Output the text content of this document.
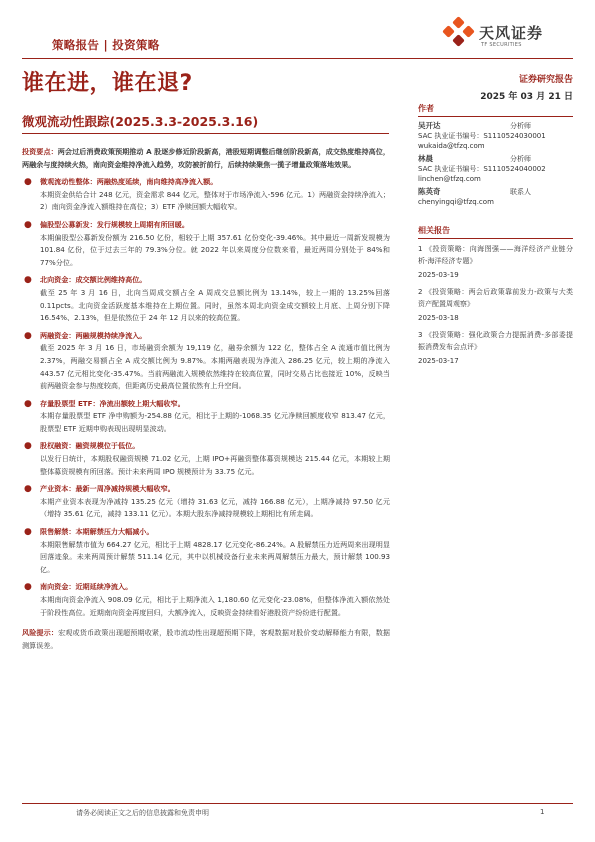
策略报告 | 投资策略
天风证券
TF SECURITIES
谁在进，谁在退?
微观流动性跟踪(2025.3.3-2025.3.16)
证券研究报告
2025 年 03 月 21 日

投资要点：两会过后消费政策预期推动 A 股逐步修近阶段新高，港股短期调整后继创阶段新高，成交热度维持高位，两融余与度持续火热，南向资金维持净流入趋势，攻防被折前行，后续持续聚焦一揽子增量政策落地效果。

● 微观流动性整体：两融热度延续，南向维持高净流入额。
本期资金供给合计 248 亿元，资金需求 844 亿元，整体对于市场净流入-596 亿元。1）两融资金持续净流入；2）南向资金净流入额维持在高位；3）ETF 净赎回额大幅收窄。
● 偏股型公募新发：发行规模较上周期有所回暖。
本期偏股型公募新发份额为 216.50 亿份，相较于上期 357.61 亿份变化-39.46%。其中最近一周新发规模为 101.84 亿份，位于过去三年的 79.3%分位。就 2022 年以来周度分位数来看，最近两周分别处于 84%和 77%分位。
● 北向资金：成交额比例维持高位。
截至 25 年 3 月 16 日，北向当周成交额占全 A 周成交总额比例为 13.14%，较上一期的 13.25%回落 0.11pcts。北向资金活跃度基本维持在上期位置。同时，虽然本周北向资金成交额较上月底、上周分别下降 16.54%、2.13%，但是依然位于 24 年 12 月以来的较高位置。
● 两融资金：两融规模持续净流入。
截至 2025 年 3 月 16 日，市场融资余额为 19,119 亿，融券余额为 122 亿，整体占全 A 流通市值比例为 2.37%，两融交易额占全 A 成交额比例为 9.87%。本期两融表现为净流入 286.25 亿元，较上期的净流入 443.57 亿元相比变化-35.47%。当前两融流入规模依然维持在较高位置，同时交易占比也接近 10%，反映当前两融资金参与热度较高，但距离历史最高位置依然有上升空间。
● 存量股票型 ETF：净流出额较上期大幅收窄。
本期存量股票型 ETF 净申购额为-254.88 亿元，相比于上期的-1068.35 亿元净赎回额度收窄 813.47 亿元，股票型 ETF 近期申购表现出现明显波动。
● 股权融资：融资规模位于低位。
以发行日统计，本期股权融资规模 71.02 亿元，上期 IPO+再融资整体募资规模达 215.44 亿元，本期较上期整体募资规模有所回落。预计未来两周 IPO 规模预计为 33.75 亿元。
● 产业资本：最新一周净减持规模大幅收窄。
本期产业资本表现为净减持 135.25 亿元（增持 31.63 亿元，减持 166.88 亿元），上期净减持 97.50 亿元（增持 35.61 亿元，减持 133.11 亿元）。本期大股东净减持规模较上期相比有所走阔。
● 限售解禁：本期解禁压力大幅减小。
本期限售解禁市值为 664.27 亿元，相比于上期 4828.17 亿元变化-86.24%。A 股解禁压力近两周来出现明显回落迹象。未来两周预计解禁 511.14 亿元，其中以机械设备行业未来两周解禁压力最大，预计解禁 100.93 亿。
● 南向资金：近期延续净流入。
本期南向资金净流入 908.09 亿元，相比于上期净流入 1,180.60 亿元变化-23.08%，但整体净流入额依然处于阶段性高位。近期南向资金再度回归，大额净流入，反映资金持续看好港股资产纷纷进行配置。

风险提示：宏观或货币政策出现超预期收紧，股市流动性出现超预期下降，客观数据对股价变动解释能力有限，数据测算误差。

作者
吴开达	分析师
SAC 执业证书编号：S1110524030001
wukaida@tfzq.com
林晨	分析师
SAC 执业证书编号：S1110524040002
linchen@tfzq.com
陈英奇	联系人
chenyingqi@tfzq.com
相关报告
1 《投资策略：向海图强——海洋经济产业链分析-海洋经济专题》
2025-03-19
2 《投资策略：两会后政策靠前发力-政策与大类资产配置周观察》
2025-03-18
3 《投资策略：强化政策合力提振消费-多部委提振消费发布会点评》
2025-03-17
请务必阅读正文之后的信息披露和免责申明	1
